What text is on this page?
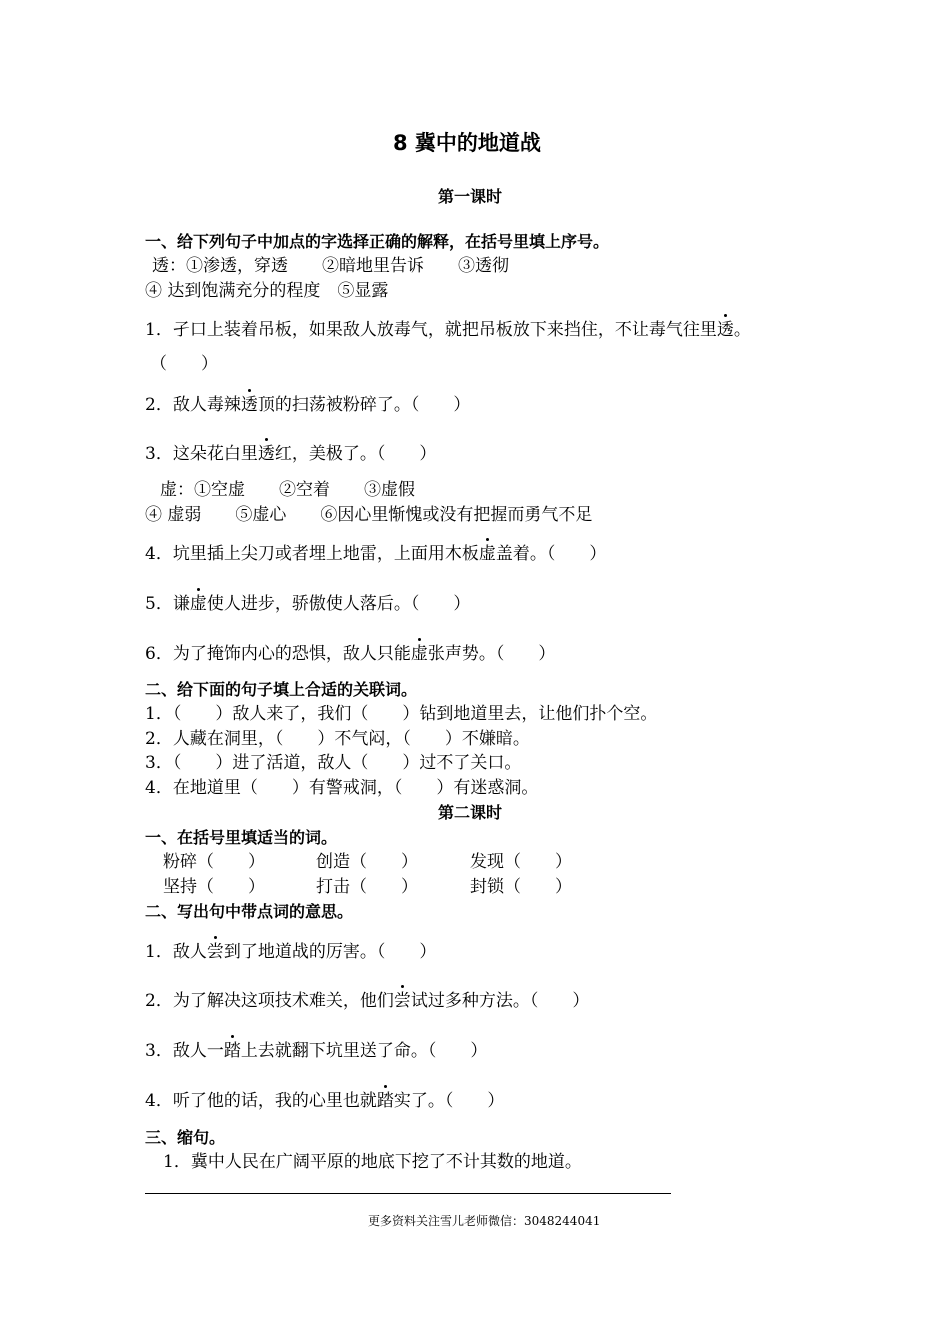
8 冀中的地道战
第一课时
一、给下列句子中加点的字选择正确的解释，在括号里填上序号。
透：①渗透，穿透　　②暗地里告诉　　③透彻
④ 达到饱满充分的程度　⑤显露
1．孑口上装着吊板，如果敌人放毒气，就把吊板放下来挡住，不让毒气往里透。
（　　）
2．敌人毒辣透顶的扫荡被粉碎了。（　　）
3．这朵花白里透红，美极了。（　　）
虚：①空虚　　②空着　　③虚假
④ 虚弱　　⑤虚心　　⑥因心里惭愧或没有把握而勇气不足
4．坑里插上尖刀或者埋上地雷，上面用木板虚盖着。（　　）
5．谦虚使人进步，骄傲使人落后。（　　）
6．为了掩饰内心的恐惧，敌人只能虚张声势。（　　）
二、给下面的句子填上合适的关联词。
1．（　　）敌人来了，我们（　　）钻到地道里去，让他们扑个空。
2．人藏在洞里，（　　）不气闷，（　　）不嫌暗。
3．（　　）进了活道，敌人（　　）过不了关口。
4．在地道里（　　）有警戒洞，（　　）有迷惑洞。
第二课时
一、在括号里填适当的词。
粉碎（　　）	创造（　　）	发现（　　）
坚持（　　）	打击（　　）	封锁（　　）
二、写出句中带点词的意思。
1．敌人尝到了地道战的厉害。（　　）
2．为了解决这项技术难关，他们尝试过多种方法。（　　）
3．敌人一踏上去就翻下坑里送了命。（　　）
4．听了他的话，我的心里也就踏实了。（　　）
三、缩句。
1．冀中人民在广阔平原的地底下挖了不计其数的地道。
更多资料关注雪儿老师微信：3048244041
